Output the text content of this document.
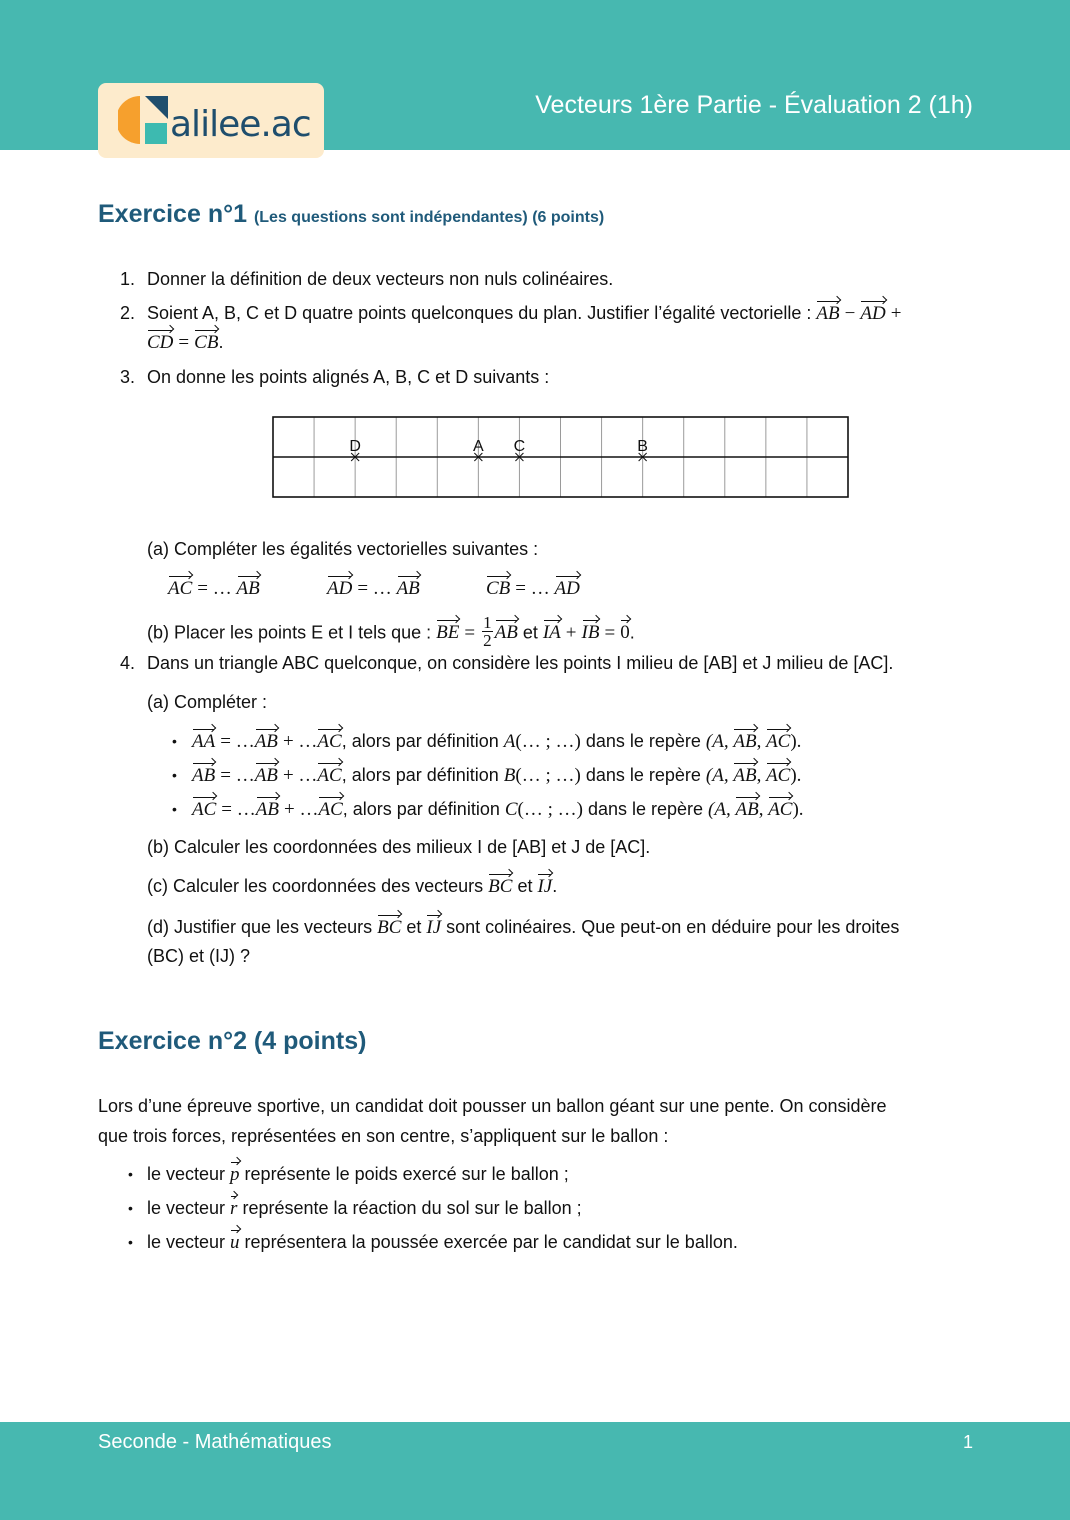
alilee.ac	Vecteurs 1ère Partie - Évaluation 2 (1h)
Exercice n°1 (Les questions sont indépendantes) (6 points)
1. Donner la définition de deux vecteurs non nuls colinéaires.
2. Soient A, B, C et D quatre points quelconques du plan. Justifier l’égalité vectorielle : AB − AD +
CD = CB.
3. On donne les points alignés A, B, C et D suivants :
D	A C	B
(a) Compléter les égalités vectorielles suivantes :
AC = … AB	AD = … AB	CB = … AD
(b) Placer les points E et I tels que : BE = $\frac{1}{2}$ AB et IA + IB = 0.
4. Dans un triangle ABC quelconque, on considère les points I milieu de [AB] et J milieu de [AC].
(a) Compléter :
• AA = …AB + …AC, alors par définition A(… ; …) dans le repère (A, AB, AC).
• AB = …AB + …AC, alors par définition B(… ; …) dans le repère (A, AB, AC).
• AC = …AB + …AC, alors par définition C(… ; …) dans le repère (A, AB, AC).
(b) Calculer les coordonnées des milieux I de [AB] et J de [AC].
(c) Calculer les coordonnées des vecteurs BC et IJ.
(d) Justifier que les vecteurs BC et IJ sont colinéaires. Que peut-on en déduire pour les droites
(BC) et (IJ) ?
Exercice n°2 (4 points)
Lors d’une épreuve sportive, un candidat doit pousser un ballon géant sur une pente. On considère
que trois forces, représentées en son centre, s’appliquent sur le ballon :
• le vecteur p représente le poids exercé sur le ballon ;
• le vecteur r représente la réaction du sol sur le ballon ;
• le vecteur u représentera la poussée exercée par le candidat sur le ballon.
Seconde - Mathématiques	1
